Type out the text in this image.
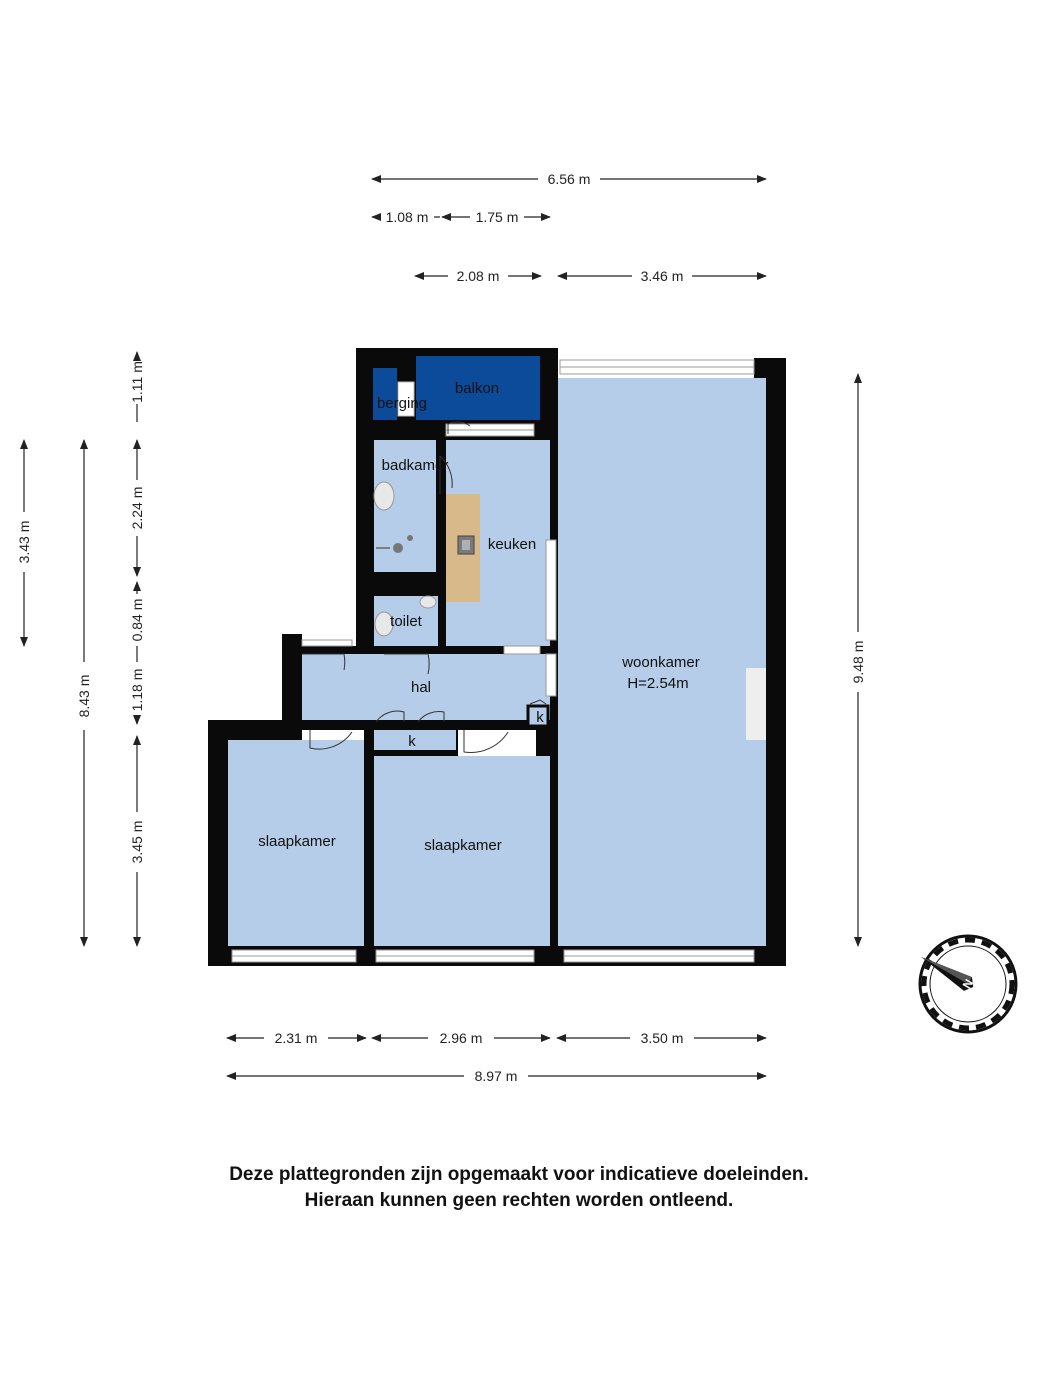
6.56 m
1.08 m	1.75 m
2.08 m	3.46 m
3.43 m
8.43 m
1.11 m
2.24 m
0.84 m
1.18 m
3.45 m
9.48 m
2.31 m	2.96 m	3.50 m
8.97 m
balkon
berging
badkamer
keuken
toilet
hal
k
k
woonkamer
H=2.54m
slaapkamer	slaapkamer
N
Deze plattegronden zijn opgemaakt voor indicatieve doeleinden.
Hieraan kunnen geen rechten worden ontleend.
